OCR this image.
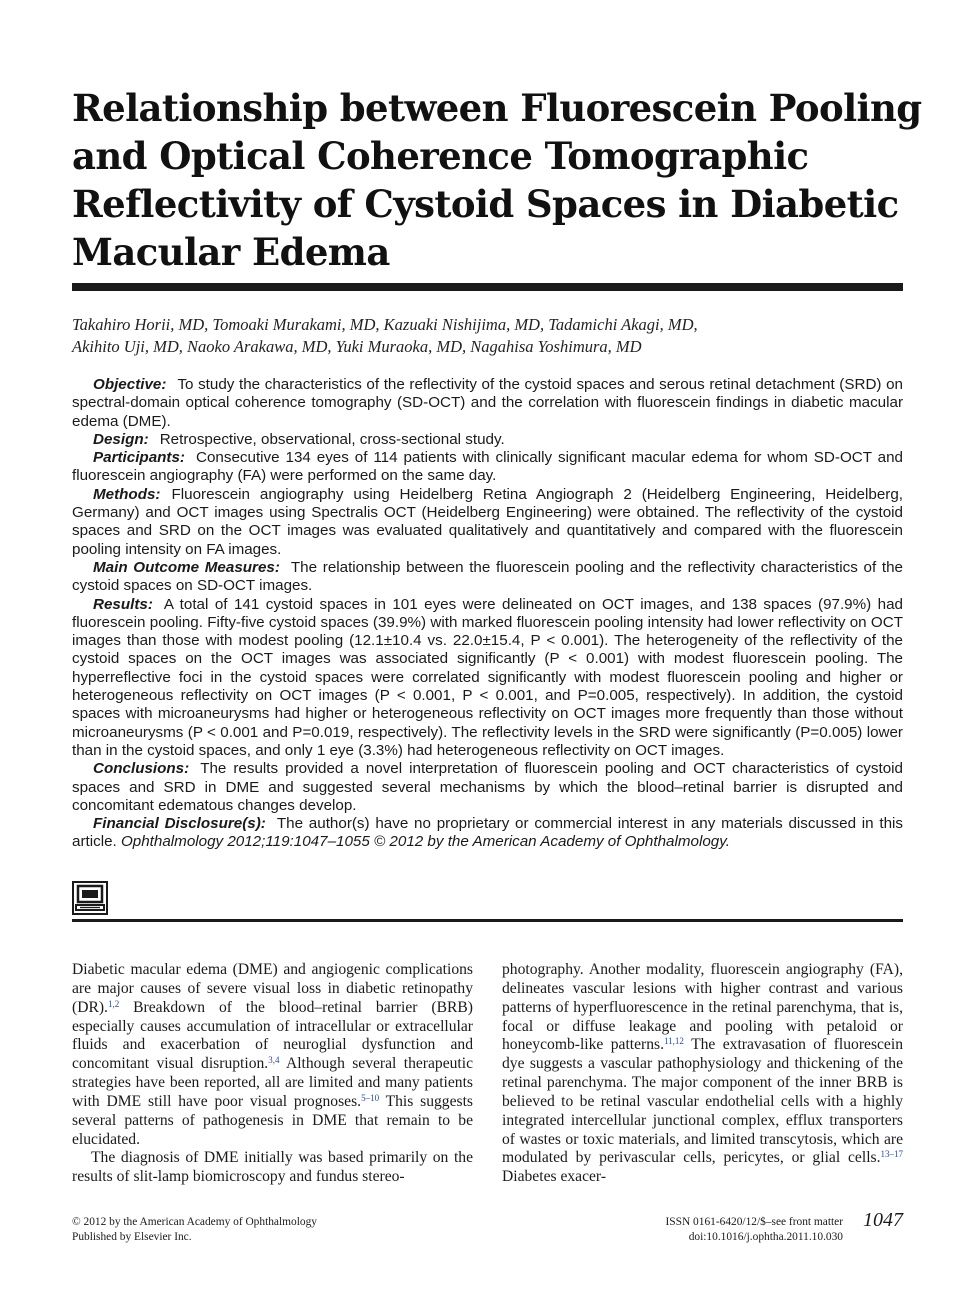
Relationship between Fluorescein Pooling
and Optical Coherence Tomographic
Reflectivity of Cystoid Spaces in Diabetic
Macular Edema
Takahiro Horii, MD, Tomoaki Murakami, MD, Kazuaki Nishijima, MD, Tadamichi Akagi, MD,
Akihito Uji, MD, Naoko Arakawa, MD, Yuki Muraoka, MD, Nagahisa Yoshimura, MD

Objective: To study the characteristics of the reflectivity of the cystoid spaces and serous retinal detachment (SRD) on spectral-domain optical coherence tomography (SD-OCT) and the correlation with fluorescein findings in diabetic macular edema (DME).

Design: Retrospective, observational, cross-sectional study.

Participants: Consecutive 134 eyes of 114 patients with clinically significant macular edema for whom SD-OCT and fluorescein angiography (FA) were performed on the same day.

Methods: Fluorescein angiography using Heidelberg Retina Angiograph 2 (Heidelberg Engineering, Heidelberg, Germany) and OCT images using Spectralis OCT (Heidelberg Engineering) were obtained. The reflectivity of the cystoid spaces and SRD on the OCT images was evaluated qualitatively and quantitatively and compared with the fluorescein pooling intensity on FA images.

Main Outcome Measures: The relationship between the fluorescein pooling and the reflectivity characteristics of the cystoid spaces on SD-OCT images.

Results: A total of 141 cystoid spaces in 101 eyes were delineated on OCT images, and 138 spaces (97.9%) had fluorescein pooling. Fifty-five cystoid spaces (39.9%) with marked fluorescein pooling intensity had lower reflectivity on OCT images than those with modest pooling (12.1±10.4 vs. 22.0±15.4, P < 0.001). The heterogeneity of the reflectivity of the cystoid spaces on the OCT images was associated significantly (P < 0.001) with modest fluorescein pooling. The hyperreflective foci in the cystoid spaces were correlated significantly with modest fluorescein pooling and higher or heterogeneous reflectivity on OCT images (P < 0.001, P < 0.001, and P=0.005, respectively). In addition, the cystoid spaces with microaneurysms had higher or heterogeneous reflectivity on OCT images more frequently than those without microaneurysms (P < 0.001 and P=0.019, respectively). The reflectivity levels in the SRD were significantly (P=0.005) lower than in the cystoid spaces, and only 1 eye (3.3%) had heterogeneous reflectivity on OCT images.

Conclusions: The results provided a novel interpretation of fluorescein pooling and OCT characteristics of cystoid spaces and SRD in DME and suggested several mechanisms by which the blood–retinal barrier is disrupted and concomitant edematous changes develop.

Financial Disclosure(s): The author(s) have no proprietary or commercial interest in any materials discussed in this article. Ophthalmology 2012;119:1047–1055 © 2012 by the American Academy of Ophthalmology.

Diabetic macular edema (DME) and angiogenic complications are major causes of severe visual loss in diabetic retinopathy (DR).$^{1,2}$ Breakdown of the blood–retinal barrier (BRB) especially causes accumulation of intracellular or extracellular fluids and exacerbation of neuroglial dysfunction and concomitant visual disruption.$^{3,4}$ Although several therapeutic strategies have been reported, all are limited and many patients with DME still have poor visual prognoses.$^{5-10}$ This suggests several patterns of pathogenesis in DME that remain to be elucidated.

The diagnosis of DME initially was based primarily on the results of slit-lamp biomicroscopy and fundus stereo-

photography. Another modality, fluorescein angiography (FA), delineates vascular lesions with higher contrast and various patterns of hyperfluorescence in the retinal parenchyma, that is, focal or diffuse leakage and pooling with petaloid or honeycomb-like patterns.$^{11,12}$ The extravasation of fluorescein dye suggests a vascular pathophysiology and thickening of the retinal parenchyma. The major component of the inner BRB is believed to be retinal vascular endothelial cells with a highly integrated intercellular junctional complex, efflux transporters of wastes or toxic materials, and limited transcytosis, which are modulated by perivascular cells, pericytes, or glial cells.$^{13-17}$ Diabetes exacer-

© 2012 by the American Academy of Ophthalmology
Published by Elsevier Inc.
ISSN 0161-6420/12/$–see front matter
doi:10.1016/j.ophtha.2011.10.030
1047
